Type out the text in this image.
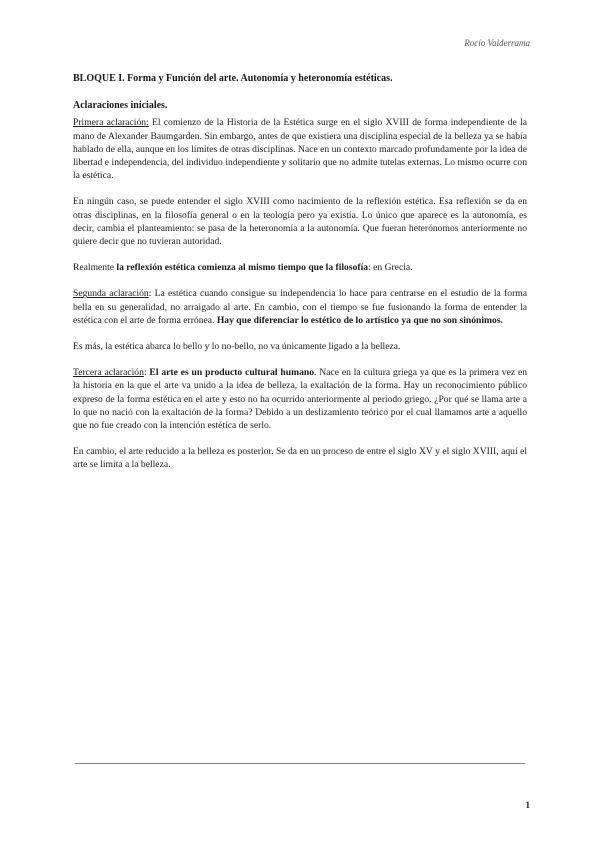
Rocío Valderrama
BLOQUE I. Forma y Función del arte. Autonomía y heteronomía estéticas.
Aclaraciones iniciales.

Primera aclaración: El comienzo de la Historia de la Estética surge en el siglo XVIII de forma independiente de la mano de Alexander Baumgarden. Sin embargo, antes de que existiera una disciplina especial de la belleza ya se había hablado de ella, aunque en los límites de otras disciplinas. Nace en un contexto marcado profundamente por la idea de libertad e independencia, del individuo independiente y solitario que no admite tutelas externas. Lo mismo ocurre con la estética.

En ningún caso, se puede entender el siglo XVIII como nacimiento de la reflexión estética. Esa reflexión se da en otras disciplinas, en la filosofía general o en la teología pero ya existía. Lo único que aparece es la autonomía, es decir, cambia el planteamiento: se pasa de la heteronomía a la autonomía. Que fueran heterónomos anteriormente no quiere decir que no tuvieran autoridad.

Realmente la reflexión estética comienza al mismo tiempo que la filosofía: en Grecia.

Segunda aclaración: La estética cuando consigue su independencia lo hace para centrarse en el estudio de la forma bella en su generalidad, no arraigado al arte. En cambio, con el tiempo se fue fusionando la forma de entender la estética con el arte de forma errónea. Hay que diferenciar lo estético de lo artístico ya que no son sinónimos.

Es más, la estética abarca lo bello y lo no-bello, no va únicamente ligado a la belleza.

Tercera aclaración: El arte es un producto cultural humano. Nace en la cultura griega ya que es la primera vez en la historia en la que el arte va unido a la idea de belleza, la exaltación de la forma. Hay un reconocimiento público expreso de la forma estética en el arte y esto no ha ocurrido anteriormente al periodo griego. ¿Por qué se llama arte a lo que no nació con la exaltación de la forma? Debido a un deslizamiento teórico por el cual llamamos arte a aquello que no fue creado con la intención estética de serlo.

En cambio, el arte reducido a la belleza es posterior. Se da en un proceso de entre el siglo XV y el siglo XVIII, aquí el arte se limita a la belleza.

1
